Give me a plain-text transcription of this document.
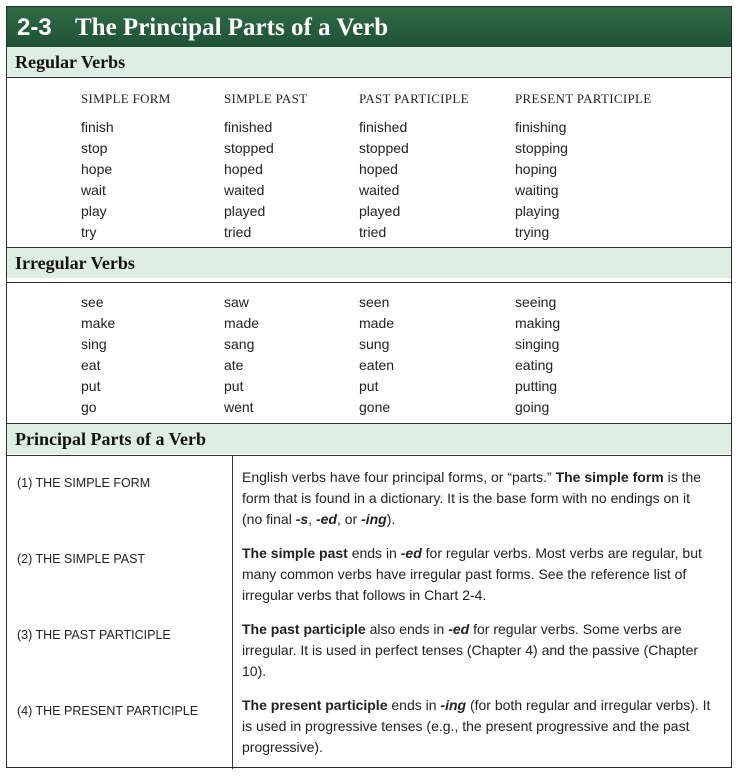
2-3 The Principal Parts of a Verb
Regular Verbs
SIMPLE FORM	SIMPLE PAST	PAST PARTICIPLE	PRESENT PARTICIPLE
finish	finished	finished	finishing
stop	stopped	stopped	stopping
hope	hoped	hoped	hoping
wait	waited	waited	waiting
play	played	played	playing
try	tried	tried	trying
Irregular Verbs
see	saw	seen	seeing
make	made	made	making
sing	sang	sung	singing
eat	ate	eaten	eating
put	put	put	putting
go	went	gone	going
Principal Parts of a Verb
(1) THE SIMPLE FORM	English verbs have four principal forms, or “parts.” The simple form is the form that is found in a dictionary. It is the base form with no endings on it (no final -s, -ed, or -ing).
(2) THE SIMPLE PAST	The simple past ends in -ed for regular verbs. Most verbs are regular, but many common verbs have irregular past forms. See the reference list of irregular verbs that follows in Chart 2-4.
(3) THE PAST PARTICIPLE	The past participle also ends in -ed for regular verbs. Some verbs are irregular. It is used in perfect tenses (Chapter 4) and the passive (Chapter 10).
(4) THE PRESENT PARTICIPLE	The present participle ends in -ing (for both regular and irregular verbs). It is used in progressive tenses (e.g., the present progressive and the past progressive).
